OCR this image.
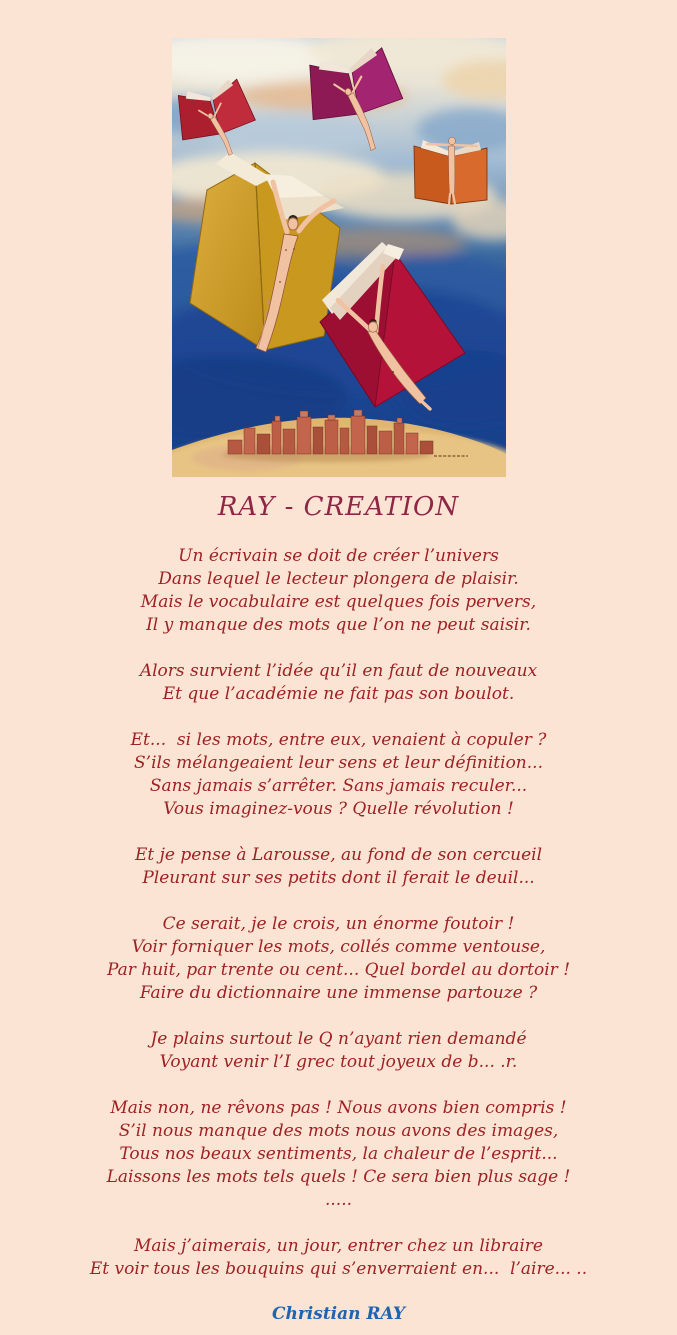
RAY - CREATION
Un écrivain se doit de créer l’univers
Dans lequel le lecteur plongera de plaisir.
Mais le vocabulaire est quelques fois pervers,
Il y manque des mots que l’on ne peut saisir.
Alors survient l’idée qu’il en faut de nouveaux
Et que l’académie ne fait pas son boulot.
Et...  si les mots, entre eux, venaient à copuler ?
S’ils mélangeaient leur sens et leur définition...
Sans jamais s’arrêter. Sans jamais reculer...
Vous imaginez-vous ? Quelle révolution !
Et je pense à Larousse, au fond de son cercueil
Pleurant sur ses petits dont il ferait le deuil...
Ce serait, je le crois, un énorme foutoir !
Voir forniquer les mots, collés comme ventouse,
Par huit, par trente ou cent... Quel bordel au dortoir !
Faire du dictionnaire une immense partouze ?
Je plains surtout le Q n’ayant rien demandé
Voyant venir l’I grec tout joyeux de b... .r.
Mais non, ne rêvons pas ! Nous avons bien compris !
S’il nous manque des mots nous avons des images,
Tous nos beaux sentiments, la chaleur de l’esprit...
Laissons les mots tels quels ! Ce sera bien plus sage !
.....
Mais j’aimerais, un jour, entrer chez un libraire
Et voir tous les bouquins qui s’enverraient en...  l’aire... ..
Christian RAY
